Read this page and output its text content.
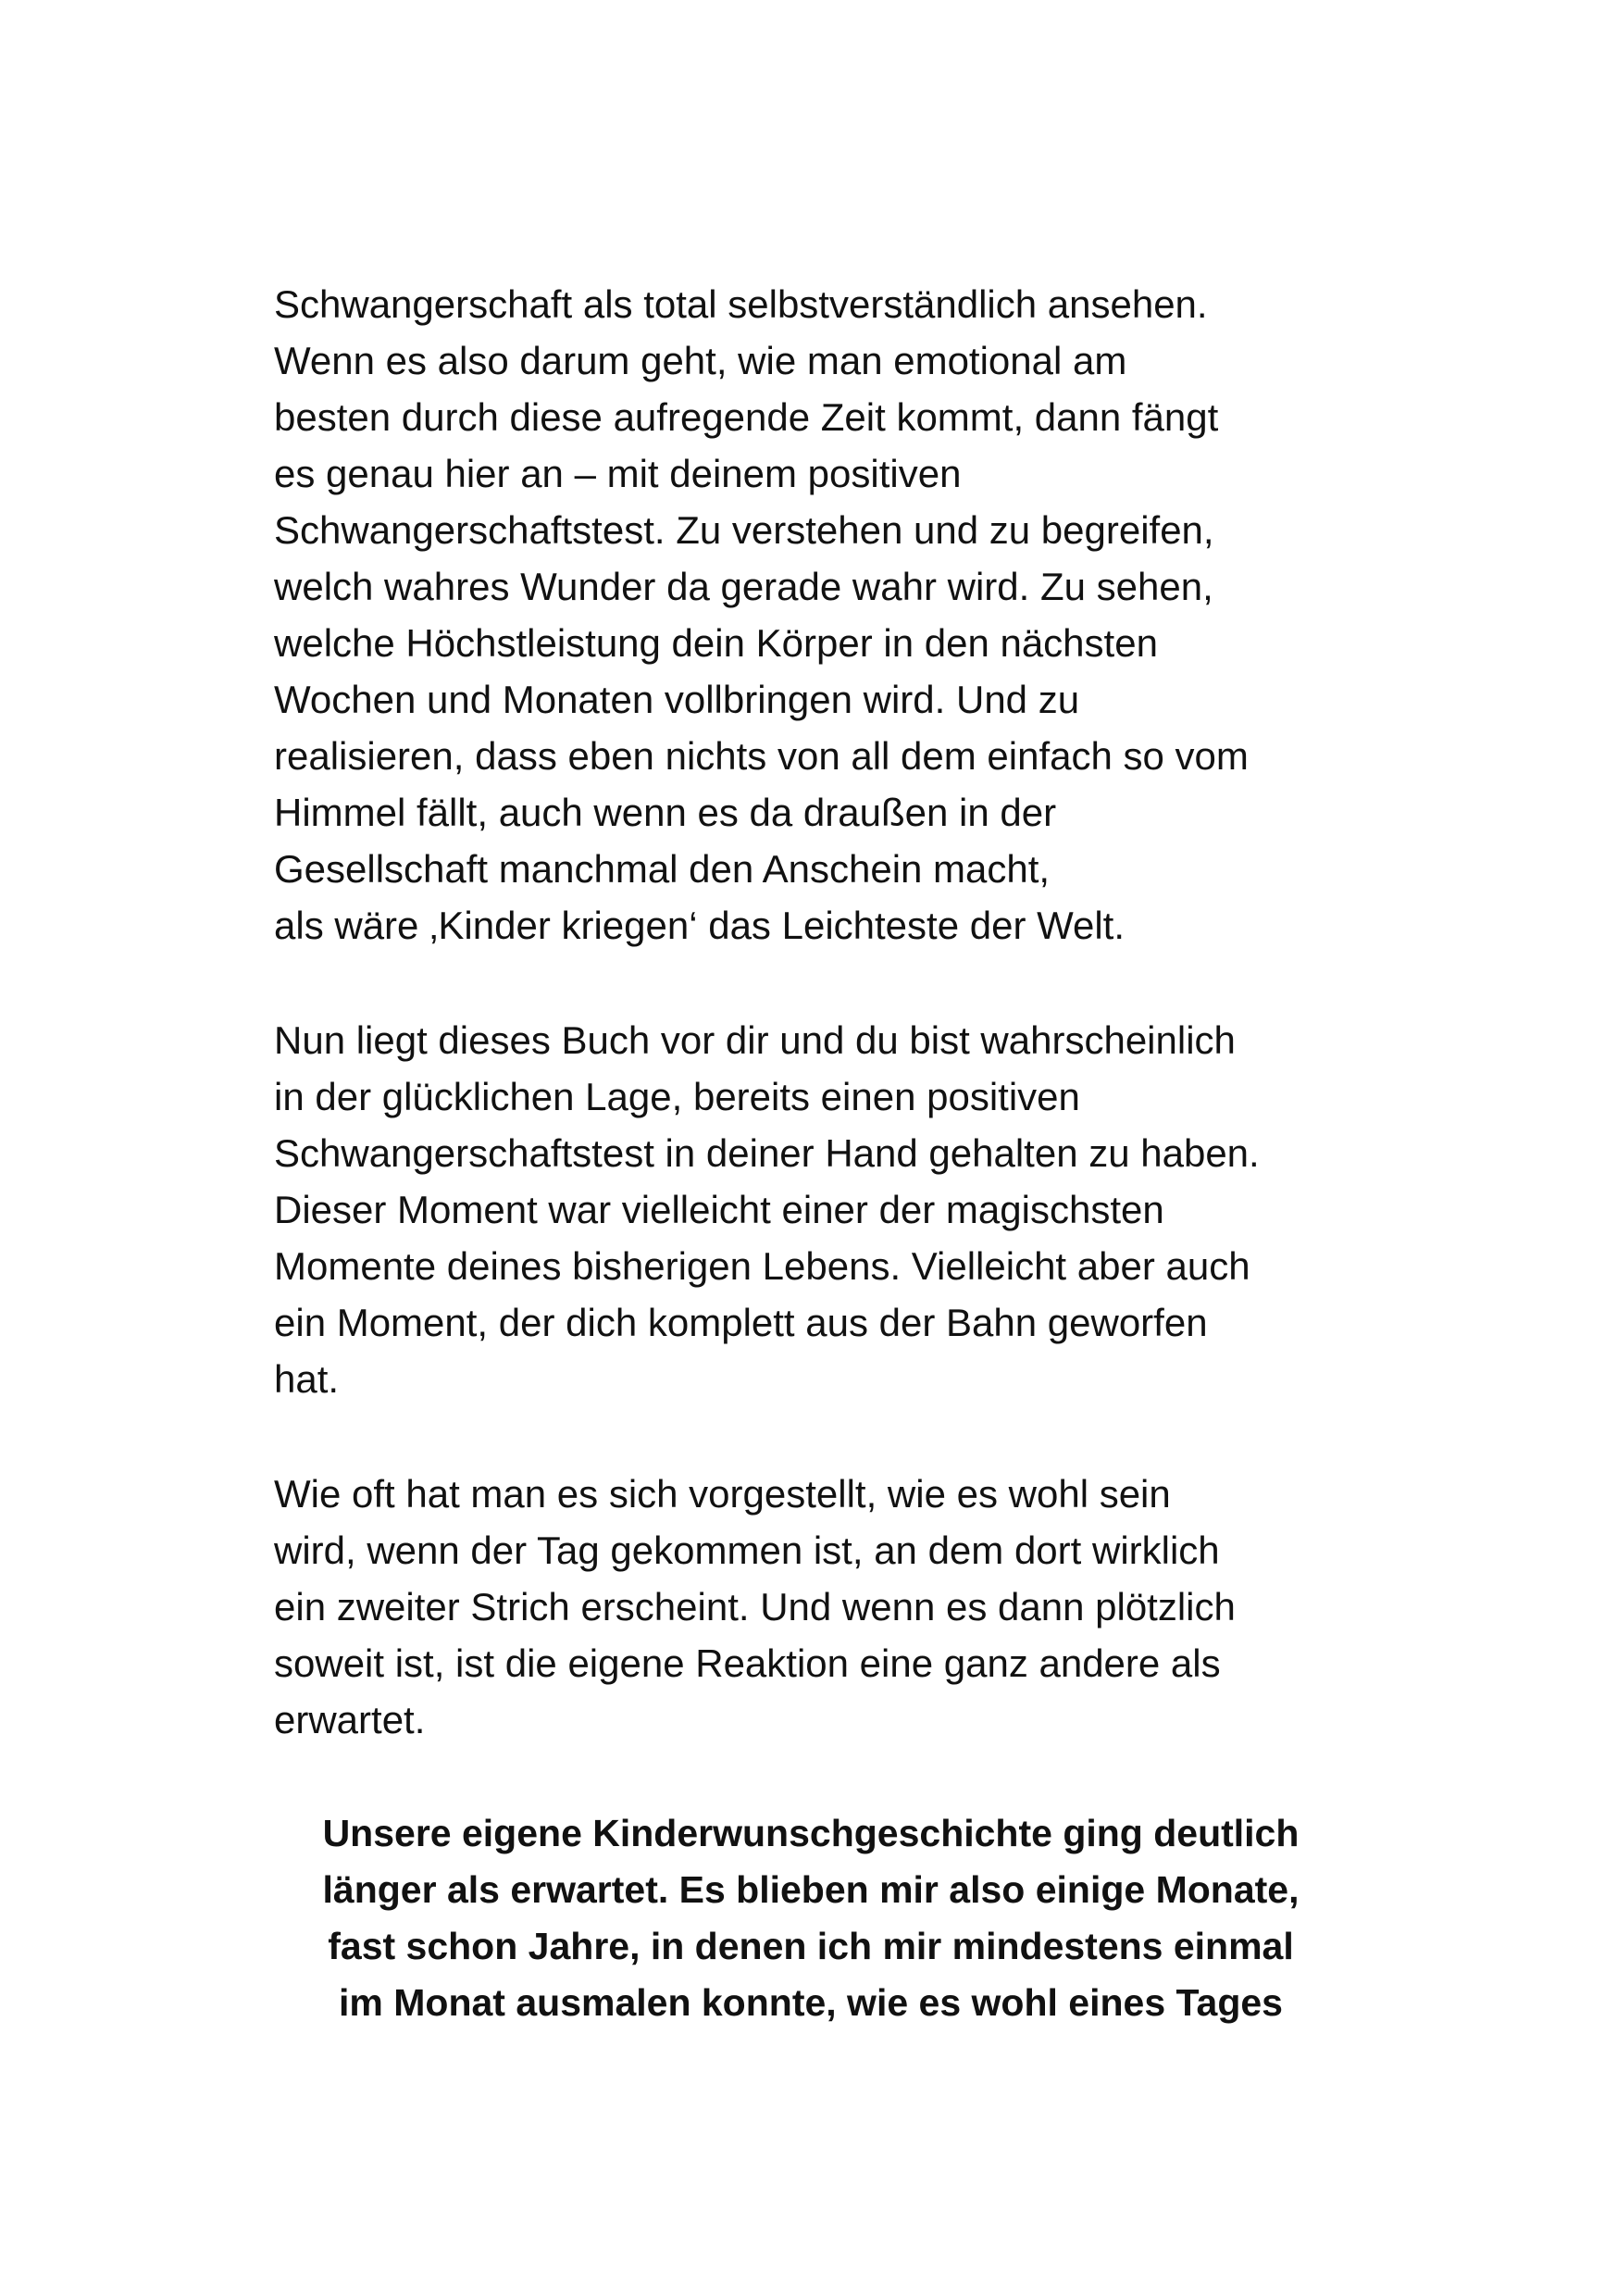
Schwangerschaft als total selbstverständlich ansehen.
Wenn es also darum geht, wie man emotional am
besten durch diese aufregende Zeit kommt, dann fängt
es genau hier an – mit deinem positiven
Schwangerschaftstest. Zu verstehen und zu begreifen,
welch wahres Wunder da gerade wahr wird. Zu sehen,
welche Höchstleistung dein Körper in den nächsten
Wochen und Monaten vollbringen wird. Und zu
realisieren, dass eben nichts von all dem einfach so vom
Himmel fällt, auch wenn es da draußen in der
Gesellschaft manchmal den Anschein macht,
als wäre ‚Kinder kriegen‘ das Leichteste der Welt.

Nun liegt dieses Buch vor dir und du bist wahrscheinlich
in der glücklichen Lage, bereits einen positiven
Schwangerschaftstest in deiner Hand gehalten zu haben.
Dieser Moment war vielleicht einer der magischsten
Momente deines bisherigen Lebens. Vielleicht aber auch
ein Moment, der dich komplett aus der Bahn geworfen
hat.

Wie oft hat man es sich vorgestellt, wie es wohl sein
wird, wenn der Tag gekommen ist, an dem dort wirklich
ein zweiter Strich erscheint. Und wenn es dann plötzlich
soweit ist, ist die eigene Reaktion eine ganz andere als
erwartet.

Unsere eigene Kinderwunschgeschichte ging deutlich
länger als erwartet. Es blieben mir also einige Monate,
fast schon Jahre, in denen ich mir mindestens einmal
im Monat ausmalen konnte, wie es wohl eines Tages
